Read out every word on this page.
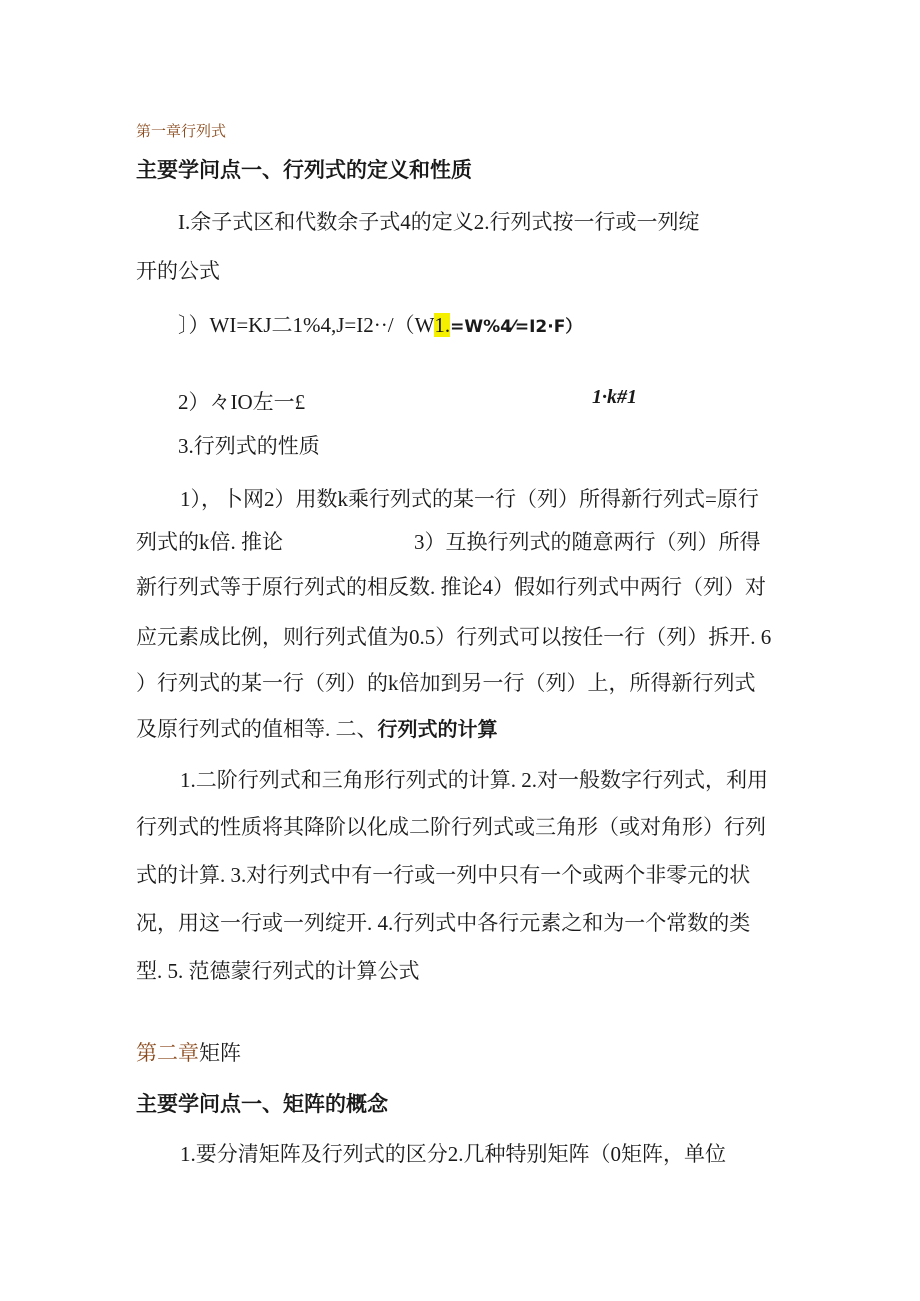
第一章行列式
主要学问点一、行列式的定义和性质
I.余子式区和代数余子式4的定义2.行列式按一行或一列绽
开的公式
〕）WI=KJ二1%4,J=I2··/（W1.=W%4⁄=I2·F）
2）々IO左一£	1·k#1
3.行列式的性质
1），卜网2）用数k乘行列式的某一行（列）所得新行列式=原行
列式的k倍. 推论	3）互换行列式的随意两行（列）所得
新行列式等于原行列式的相反数. 推论4）假如行列式中两行（列）对
应元素成比例，则行列式值为0.5）行列式可以按任一行（列）拆开. 6
）行列式的某一行（列）的k倍加到另一行（列）上，所得新行列式
及原行列式的值相等. 二、行列式的计算
1.二阶行列式和三角形行列式的计算. 2.对一般数字行列式，利用
行列式的性质将其降阶以化成二阶行列式或三角形（或对角形）行列
式的计算. 3.对行列式中有一行或一列中只有一个或两个非零元的状
况，用这一行或一列绽开. 4.行列式中各行元素之和为一个常数的类
型. 5. 范德蒙行列式的计算公式
第二章矩阵
主要学问点一、矩阵的概念
1.要分清矩阵及行列式的区分2.几种特别矩阵（0矩阵，单位
